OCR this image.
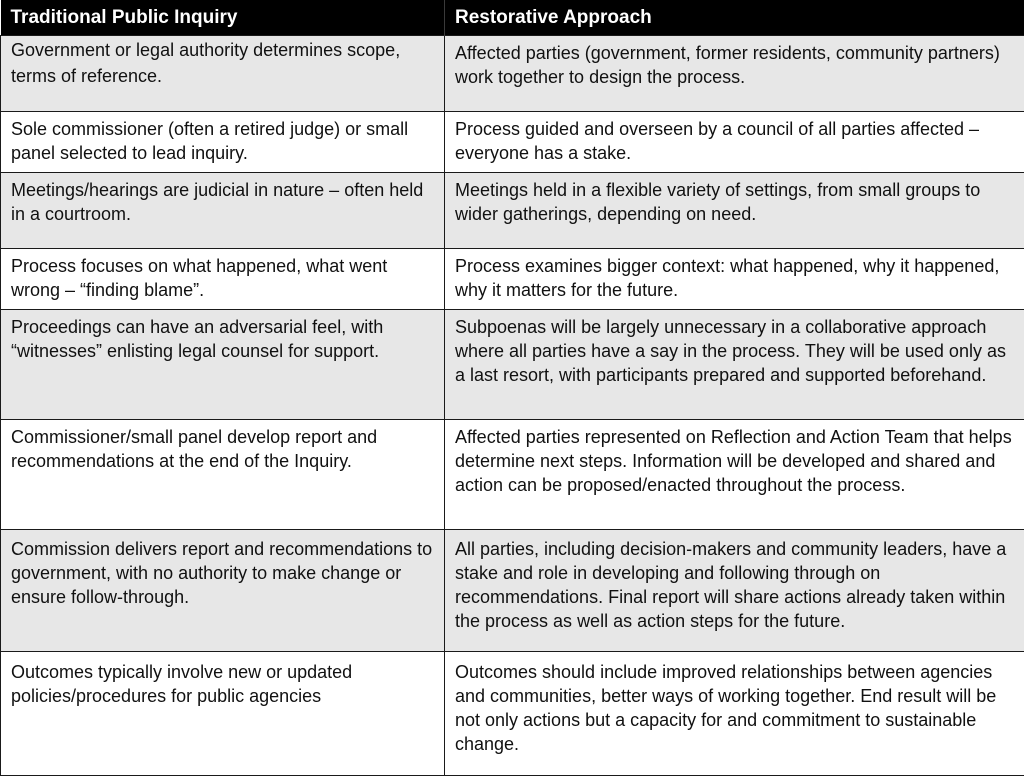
Traditional Public Inquiry	Restorative Approach
Government or legal authority determines scope, terms of reference.	Affected parties (government, former residents, community partners) work together to design the process.
Sole commissioner (often a retired judge) or small panel selected to lead inquiry.	Process guided and overseen by a council of all parties affected – everyone has a stake.
Meetings/hearings are judicial in nature – often held in a courtroom.	Meetings held in a flexible variety of settings, from small groups to wider gatherings, depending on need.
Process focuses on what happened, what went wrong – “finding blame”.	Process examines bigger context: what happened, why it happened, why it matters for the future.
Proceedings can have an adversarial feel, with “witnesses” enlisting legal counsel for support.	Subpoenas will be largely unnecessary in a collaborative approach where all parties have a say in the process. They will be used only as a last resort, with participants prepared and supported beforehand.
Commissioner/small panel develop report and recommendations at the end of the Inquiry.	Affected parties represented on Reflection and Action Team that helps determine next steps. Information will be developed and shared and action can be proposed/enacted throughout the process.
Commission delivers report and recommendations to government, with no authority to make change or ensure follow-through.	All parties, including decision-makers and community leaders, have a stake and role in developing and following through on recommendations. Final report will share actions already taken within the process as well as action steps for the future.
Outcomes typically involve new or updated policies/procedures for public agencies	Outcomes should include improved relationships between agencies and communities, better ways of working together. End result will be not only actions but a capacity for and commitment to sustainable change.
